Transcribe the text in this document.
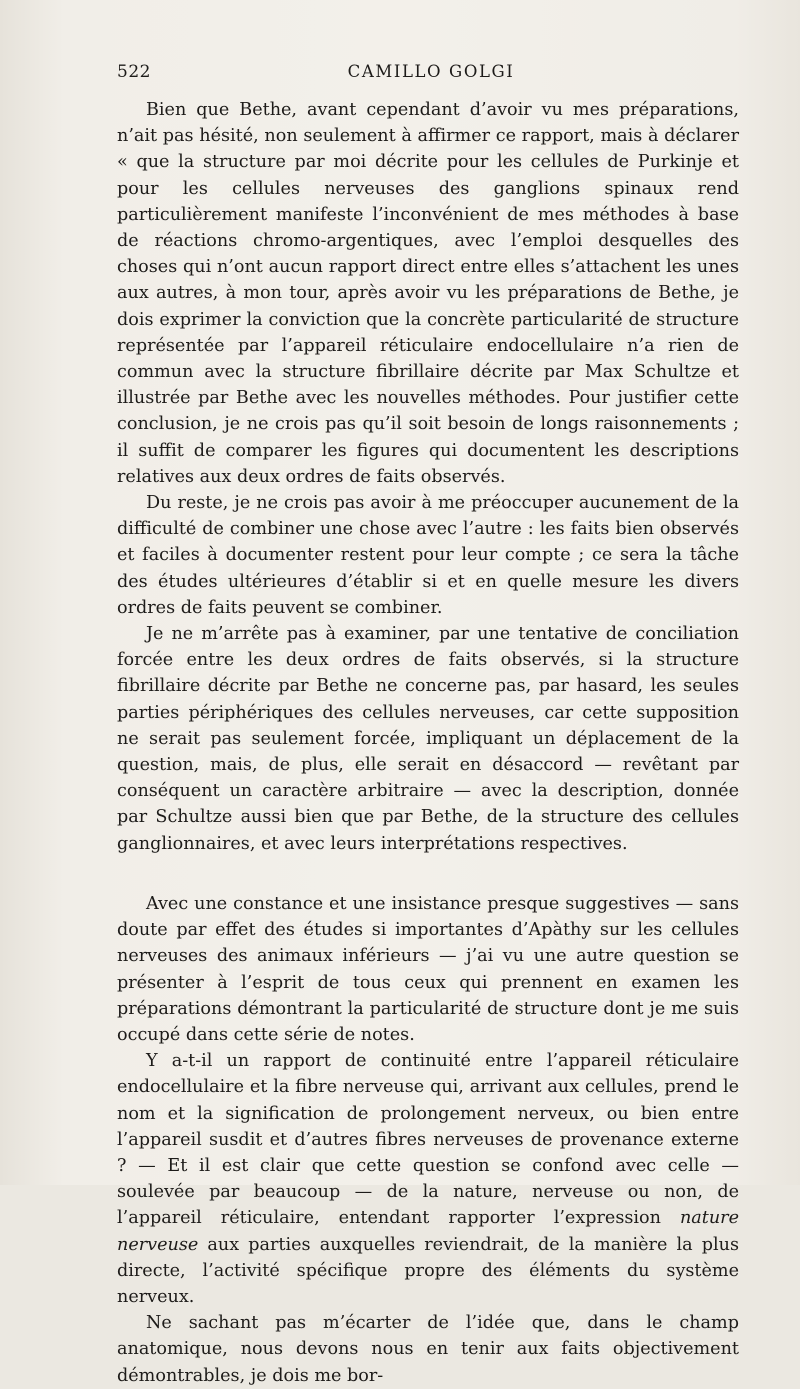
522	CAMILLO GOLGI

Bien que Bethe, avant cependant d’avoir vu mes préparations, n’ait pas hésité, non seulement à affirmer ce rapport, mais à déclarer « que la structure par moi décrite pour les cellules de Purkinje et pour les cellules nerveuses des ganglions spinaux rend particulièrement manifeste l’inconvénient de mes méthodes à base de réactions chromo-argentiques, avec l’emploi desquelles des choses qui n’ont aucun rapport direct entre elles s’attachent les unes aux autres, à mon tour, après avoir vu les préparations de Bethe, je dois exprimer la conviction que la concrète particularité de structure représentée par l’appareil réticulaire endocellulaire n’a rien de commun avec la structure fibrillaire décrite par Max Schultze et illustrée par Bethe avec les nouvelles méthodes. Pour justifier cette conclusion, je ne crois pas qu’il soit besoin de longs raisonnements ; il suffit de comparer les figures qui documentent les descriptions relatives aux deux ordres de faits observés.

Du reste, je ne crois pas avoir à me préoccuper aucunement de la difficulté de combiner une chose avec l’autre : les faits bien observés et faciles à documenter restent pour leur compte ; ce sera la tâche des études ultérieures d’établir si et en quelle mesure les divers ordres de faits peuvent se combiner.

Je ne m’arrête pas à examiner, par une tentative de conciliation forcée entre les deux ordres de faits observés, si la structure fibrillaire décrite par Bethe ne concerne pas, par hasard, les seules parties périphériques des cellules nerveuses, car cette supposition ne serait pas seulement forcée, impliquant un déplacement de la question, mais, de plus, elle serait en désaccord — revêtant par conséquent un caractère arbitraire — avec la description, donnée par Schultze aussi bien que par Bethe, de la structure des cellules ganglionnaires, et avec leurs interprétations respectives.

Avec une constance et une insistance presque suggestives — sans doute par effet des études si importantes d’Apàthy sur les cellules nerveuses des animaux inférieurs — j’ai vu une autre question se présenter à l’esprit de tous ceux qui prennent en examen les préparations démontrant la particularité de structure dont je me suis occupé dans cette série de notes.

Y a-t-il un rapport de continuité entre l’appareil réticulaire endocellulaire et la fibre nerveuse qui, arrivant aux cellules, prend le nom et la signification de prolongement nerveux, ou bien entre l’appareil susdit et d’autres fibres nerveuses de provenance externe ? — Et il est clair que cette question se confond avec celle — soulevée par beaucoup — de la nature, nerveuse ou non, de l’appareil réticulaire, entendant rapporter l’expression nature nerveuse aux parties auxquelles reviendrait, de la manière la plus directe, l’activité spécifique propre des éléments du système nerveux.

Ne sachant pas m’écarter de l’idée que, dans le champ anatomique, nous devons nous en tenir aux faits objectivement démontrables, je dois me bor-
